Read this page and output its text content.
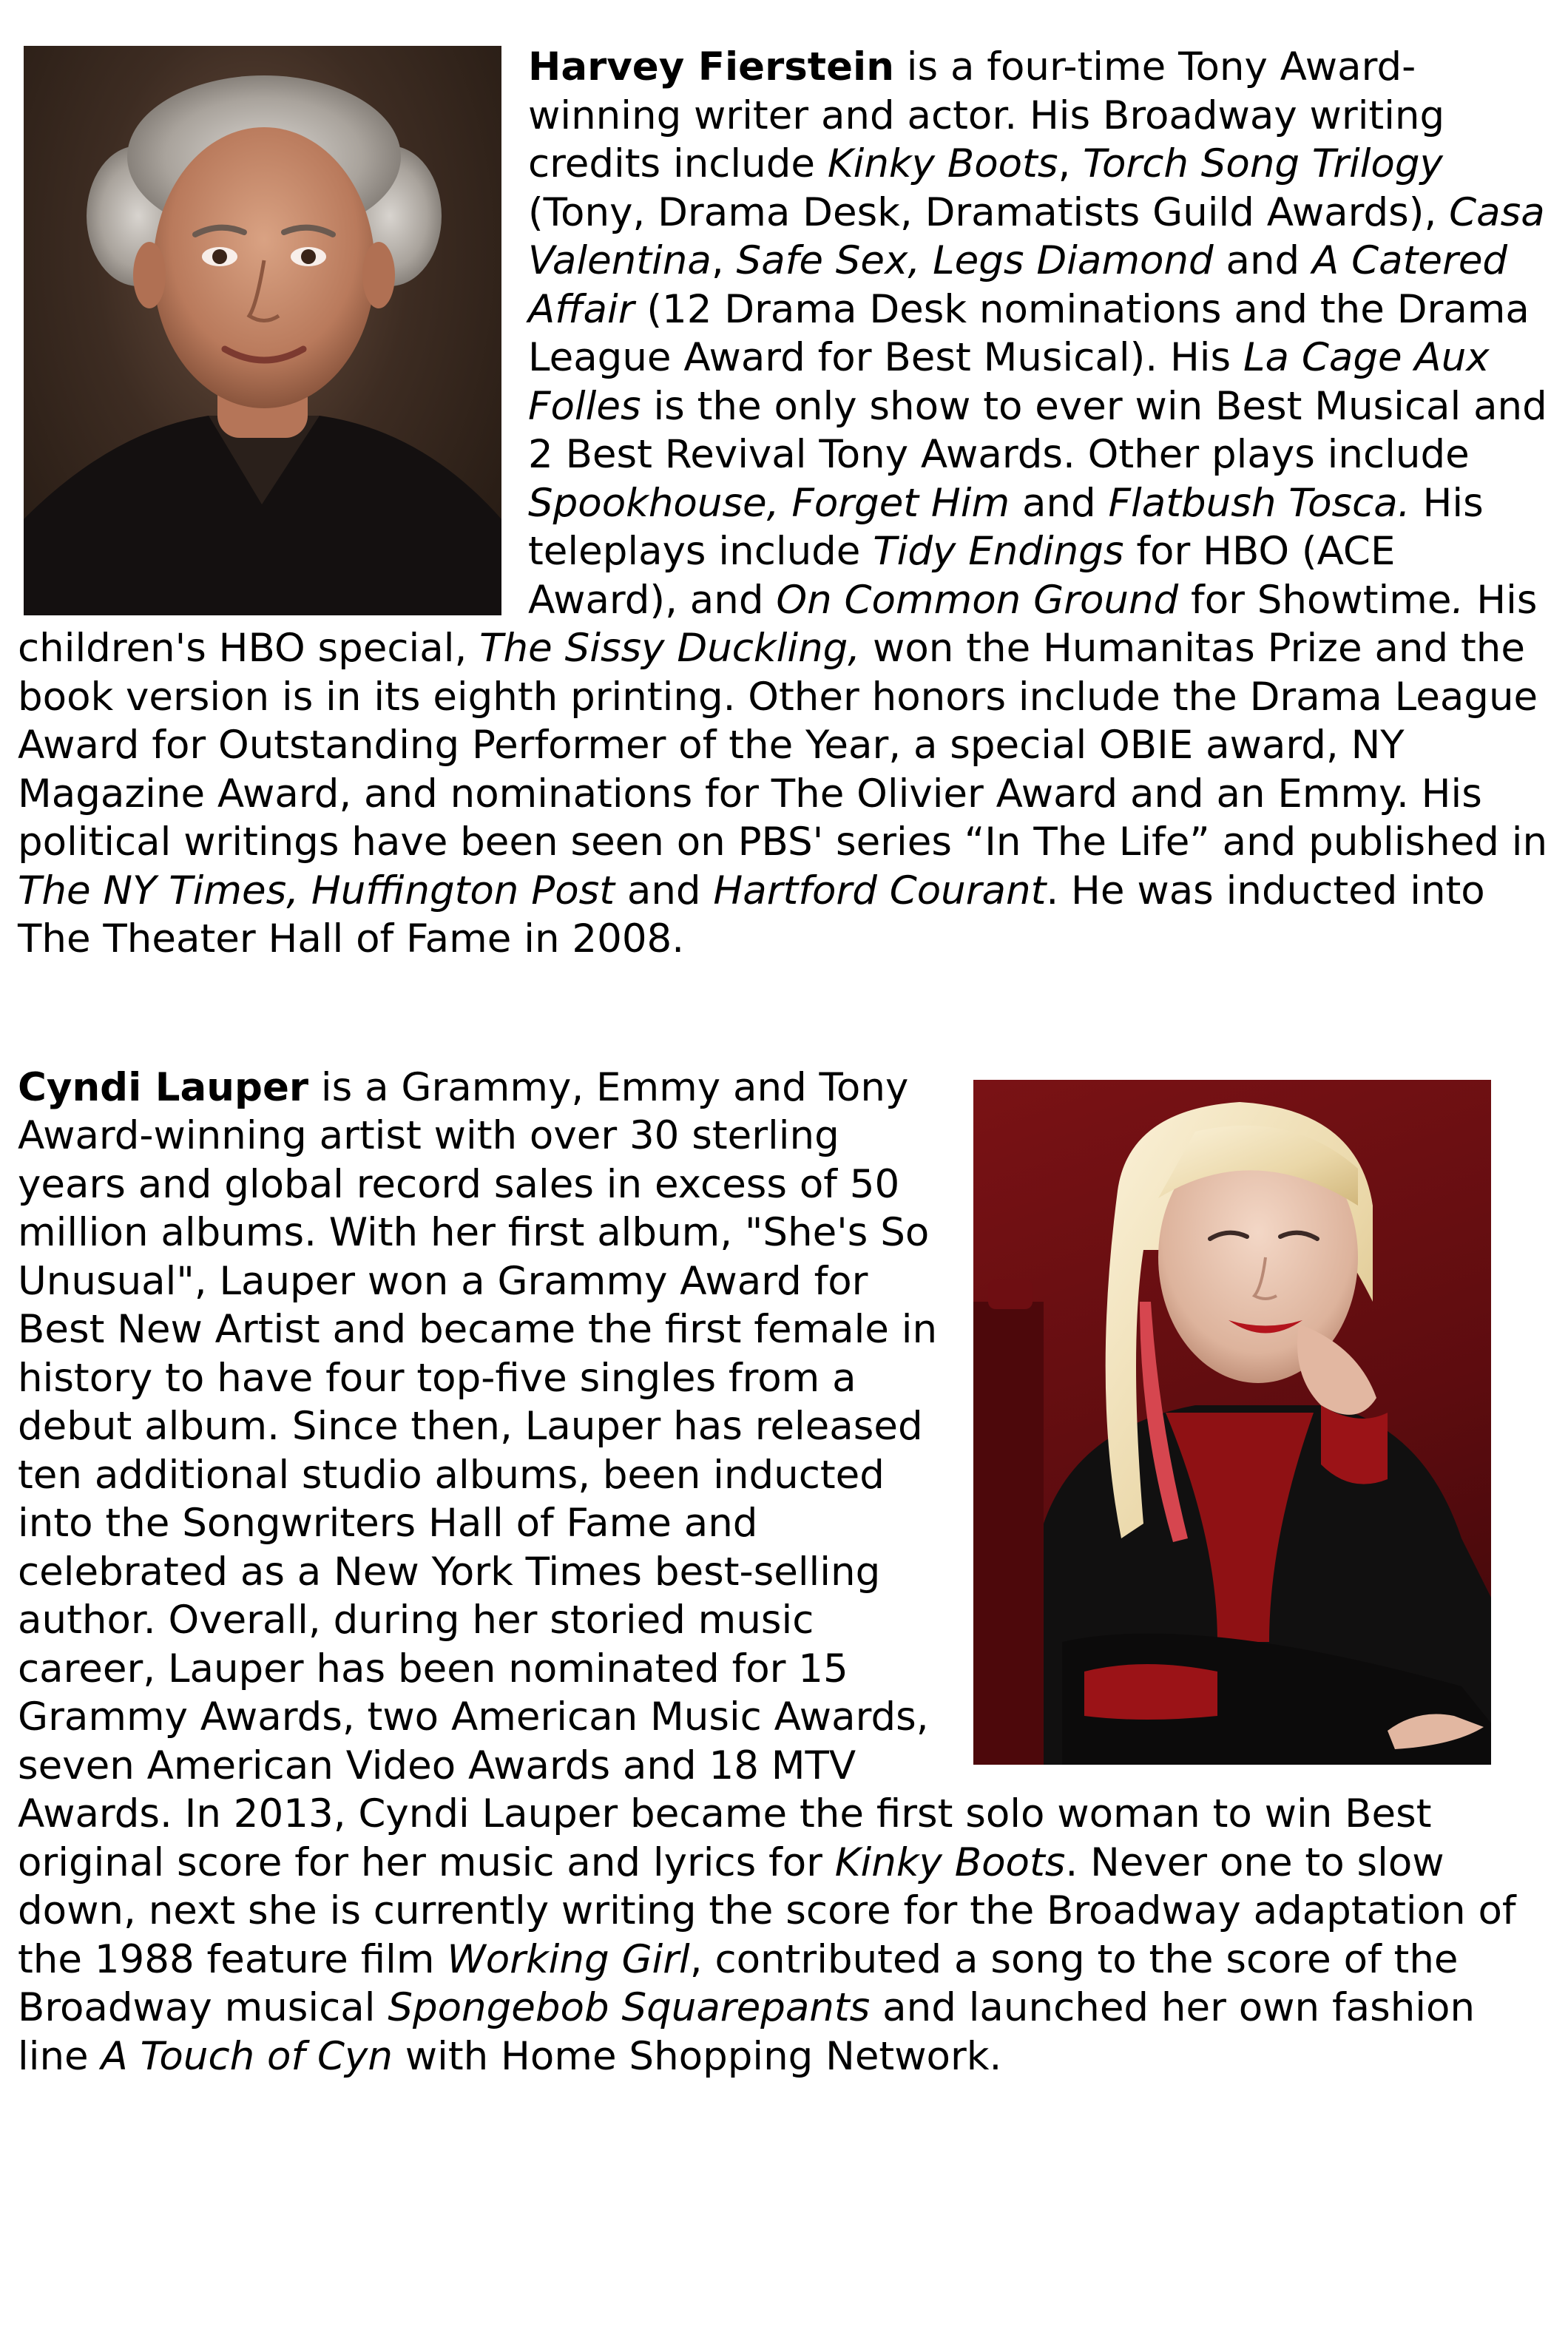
Harvey Fierstein is a four-time Tony Award-winning writer and actor. His Broadway writing credits include Kinky Boots, Torch Song Trilogy (Tony, Drama Desk, Dramatists Guild Awards), Casa Valentina, Safe Sex, Legs Diamond and A Catered Affair (12 Drama Desk nominations and the Drama League Award for Best Musical). His La Cage Aux Folles is the only show to ever win Best Musical and 2 Best Revival Tony Awards. Other plays include Spookhouse, Forget Him and Flatbush Tosca. His teleplays include Tidy Endings for HBO (ACE Award), and On Common Ground for Showtime. His children's HBO special, The Sissy Duckling, won the Humanitas Prize and the book version is in its eighth printing. Other honors include the Drama League Award for Outstanding Performer of the Year, a special OBIE award, NY Magazine Award, and nominations for The Olivier Award and an Emmy. His political writings have been seen on PBS' series “In The Life” and published in The NY Times, Huffington Post and Hartford Courant. He was inducted into The Theater Hall of Fame in 2008.

Cyndi Lauper is a Grammy, Emmy and Tony Award-winning artist with over 30 sterling years and global record sales in excess of 50 million albums. With her first album, "She's So Unusual", Lauper won a Grammy Award for Best New Artist and became the first female in history to have four top-five singles from a debut album. Since then, Lauper has released ten additional studio albums, been inducted into the Songwriters Hall of Fame and celebrated as a New York Times best-selling author. Overall, during her storied music career, Lauper has been nominated for 15 Grammy Awards, two American Music Awards, seven American Video Awards and 18 MTV Awards. In 2013, Cyndi Lauper became the first solo woman to win Best original score for her music and lyrics for Kinky Boots. Never one to slow down, next she is currently writing the score for the Broadway adaptation of the 1988 feature film Working Girl, contributed a song to the score of the Broadway musical Spongebob Squarepants and launched her own fashion line A Touch of Cyn with Home Shopping Network.
